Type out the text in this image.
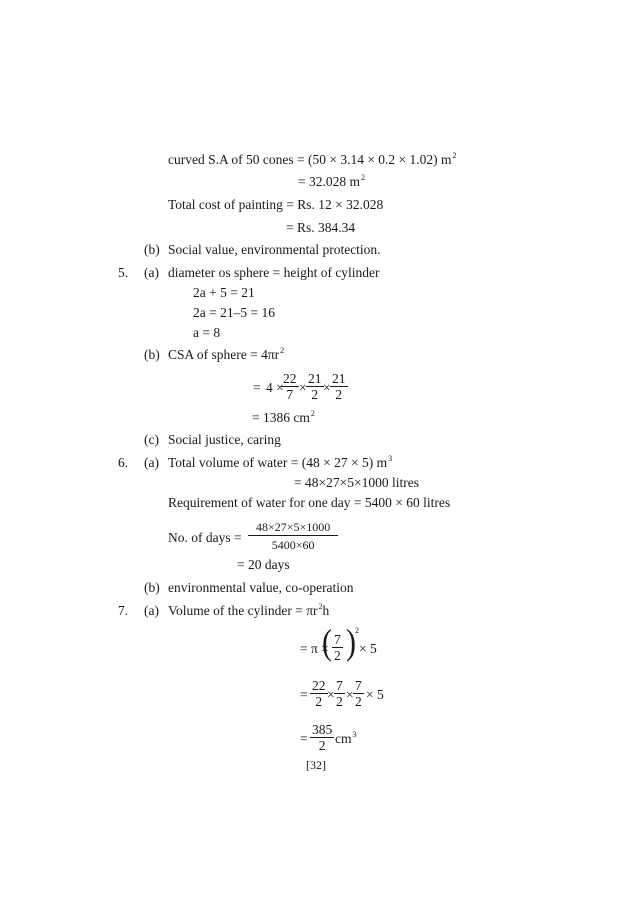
curved S.A of 50 cones = (50 × 3.14 × 0.2 × 1.02) $m^2$
= 32.028 $m^2$
Total cost of painting = Rs. 12 × 32.028
= Rs. 384.34
(b) Social value, environmental protection.
5. (a) diameter os sphere = height of cylinder
2a + 5 = 21
2a = 21–5 = 16
a = 8
(b) CSA of sphere = $4\pi r^2$
= 4 ×
22
7 ×
21
2 ×
21
2
= 1386 $cm^2$
(c) Social justice, caring
6. (a) Total volume of water = (48 × 27 × 5) $m^3$
= 48×27×5×1000 litres
Requirement of water for one day = 5400 × 60 litres
No. of days =
48×27×5×1000
5400×60
= 20 days
(b) environmental value, co-operation
7. (a) Volume of the cylinder = $\pi r^2h$
= π ×
( 7
2 ) 2
× 5
=
22
2 ×
7
2 ×
7
2 × 5
=
385
2 $cm^3$
[32]
